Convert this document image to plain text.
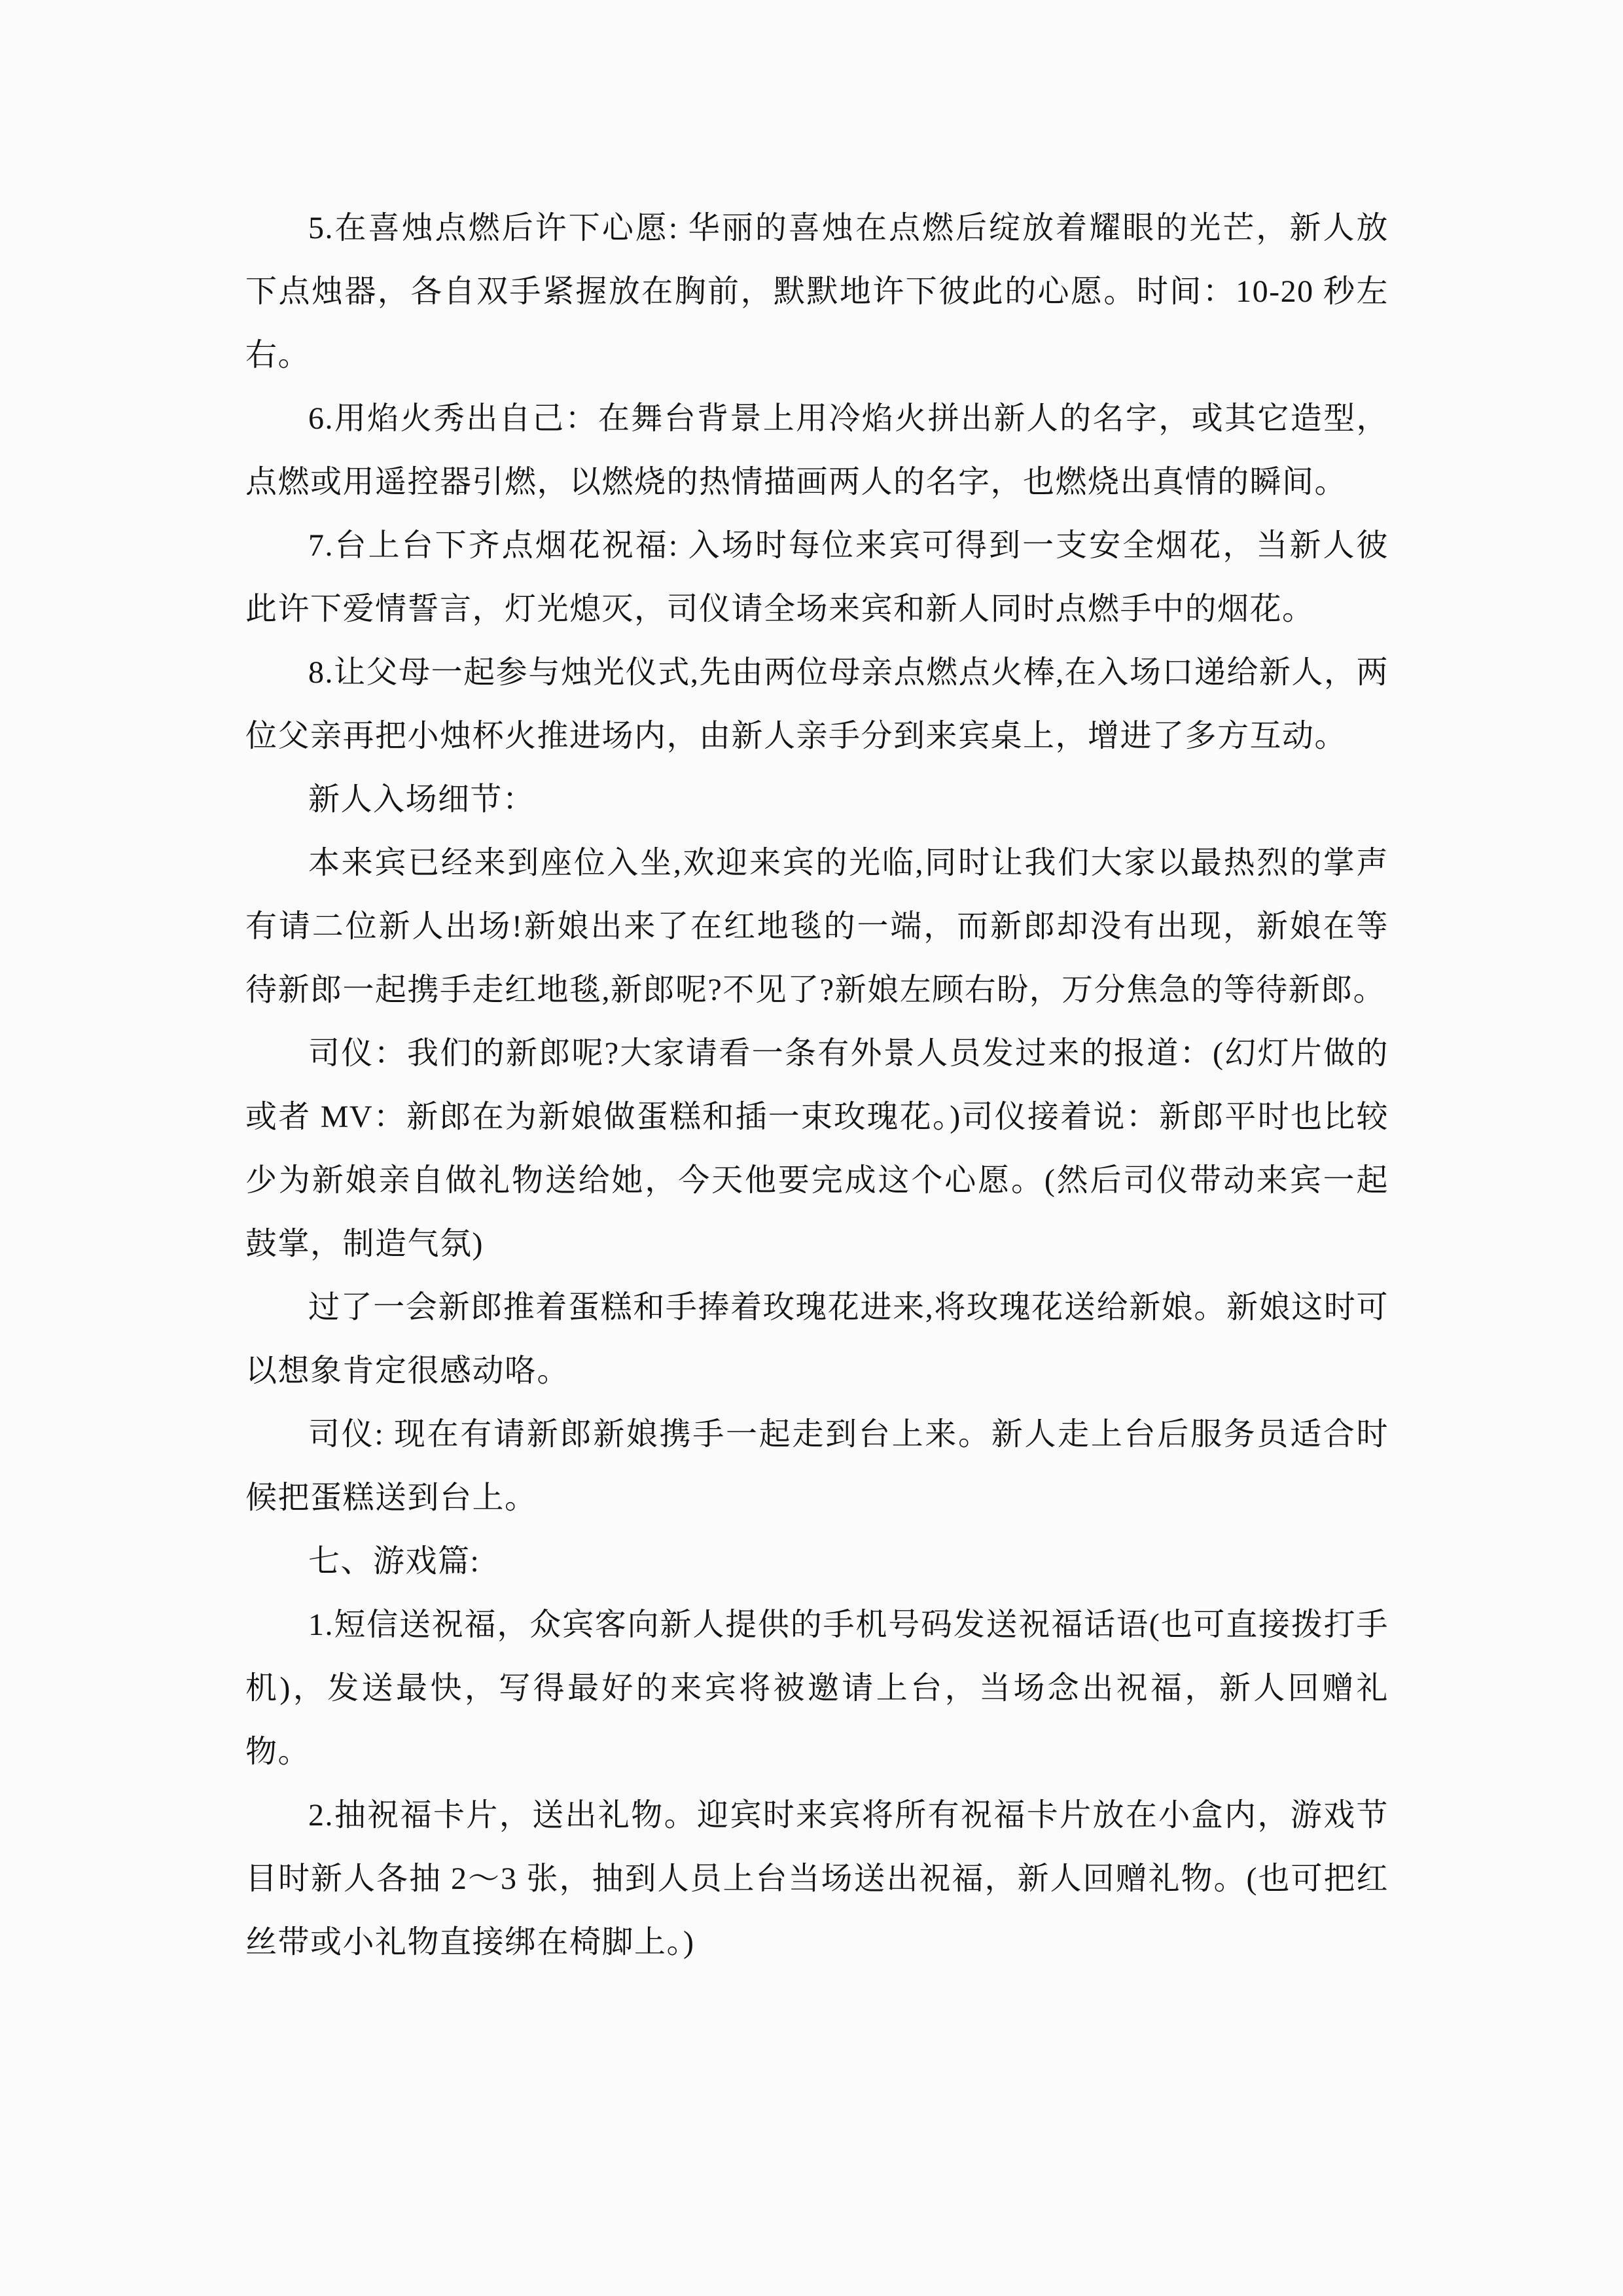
5.在喜烛点燃后许下心愿: 华丽的喜烛在点燃后绽放着耀眼的光芒，新人放下点烛器，各自双手紧握放在胸前，默默地许下彼此的心愿。时间：10-20 秒左右。

6.用焰火秀出自己：在舞台背景上用冷焰火拼出新人的名字，或其它造型，点燃或用遥控器引燃，以燃烧的热情描画两人的名字，也燃烧出真情的瞬间。

7.台上台下齐点烟花祝福: 入场时每位来宾可得到一支安全烟花，当新人彼此许下爱情誓言，灯光熄灭，司仪请全场来宾和新人同时点燃手中的烟花。

8.让父母一起参与烛光仪式,先由两位母亲点燃点火棒,在入场口递给新人，两位父亲再把小烛杯火推进场内，由新人亲手分到来宾桌上，增进了多方互动。

新人入场细节：

本来宾已经来到座位入坐,欢迎来宾的光临,同时让我们大家以最热烈的掌声有请二位新人出场!新娘出来了在红地毯的一端，而新郎却没有出现，新娘在等待新郎一起携手走红地毯,新郎呢?不见了?新娘左顾右盼，万分焦急的等待新郎。

司仪：我们的新郎呢?大家请看一条有外景人员发过来的报道：(幻灯片做的或者 MV：新郎在为新娘做蛋糕和插一束玫瑰花。)司仪接着说：新郎平时也比较少为新娘亲自做礼物送给她，今天他要完成这个心愿。(然后司仪带动来宾一起鼓掌，制造气氛)

过了一会新郎推着蛋糕和手捧着玫瑰花进来,将玫瑰花送给新娘。新娘这时可以想象肯定很感动咯。

司仪: 现在有请新郎新娘携手一起走到台上来。新人走上台后服务员适合时候把蛋糕送到台上。

七、游戏篇:

1.短信送祝福，众宾客向新人提供的手机号码发送祝福话语(也可直接拨打手机)，发送最快，写得最好的来宾将被邀请上台，当场念出祝福，新人回赠礼物。

2.抽祝福卡片，送出礼物。迎宾时来宾将所有祝福卡片放在小盒内，游戏节目时新人各抽 2～3 张，抽到人员上台当场送出祝福，新人回赠礼物。(也可把红丝带或小礼物直接绑在椅脚上。)
